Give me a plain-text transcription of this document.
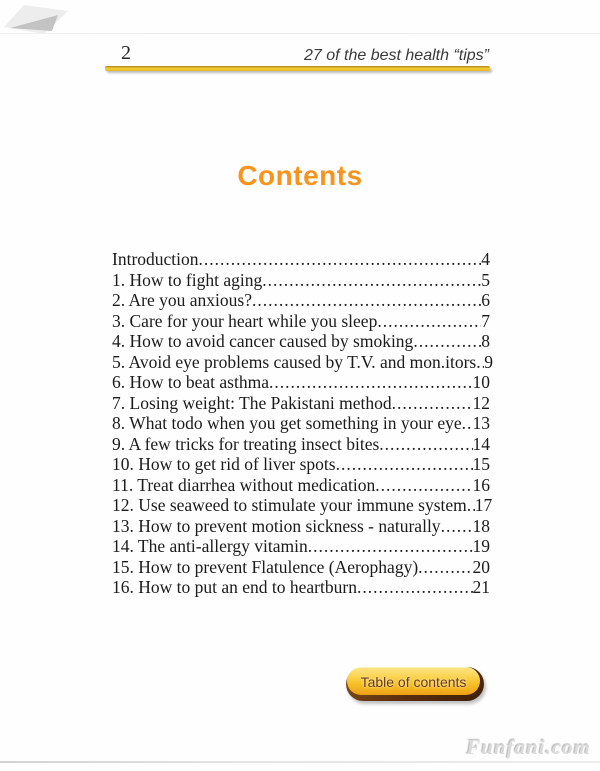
2	27 of the best health “tips”
Contents
Introduction .....	4
1. How to fight aging .....	5
2. Are you anxious? .....	6
3. Care for your heart while you sleep .....	7
4. How to avoid cancer caused by smoking .....	8
5. Avoid eye problems caused by T.V. and mon.itors ..... 9
6. How to beat asthma .....	10
7. Losing weight: The Pakistani method .....	12
8. What todo when you get something in your eye ..... 13
9. A few tricks for treating insect bites .....	14
10. How to get rid of liver spots .....	15
11. Treat diarrhea without medication .....	16
12. Use seaweed to stimulate your immune system ..... 17
13. How to prevent motion sickness - naturally ..... 18
14. The anti-allergy vitamin .....	19
15. How to prevent Flatulence (Aerophagy) .....	20
16. How to put an end to heartburn .....	21
Table of contents
Funfani.com
